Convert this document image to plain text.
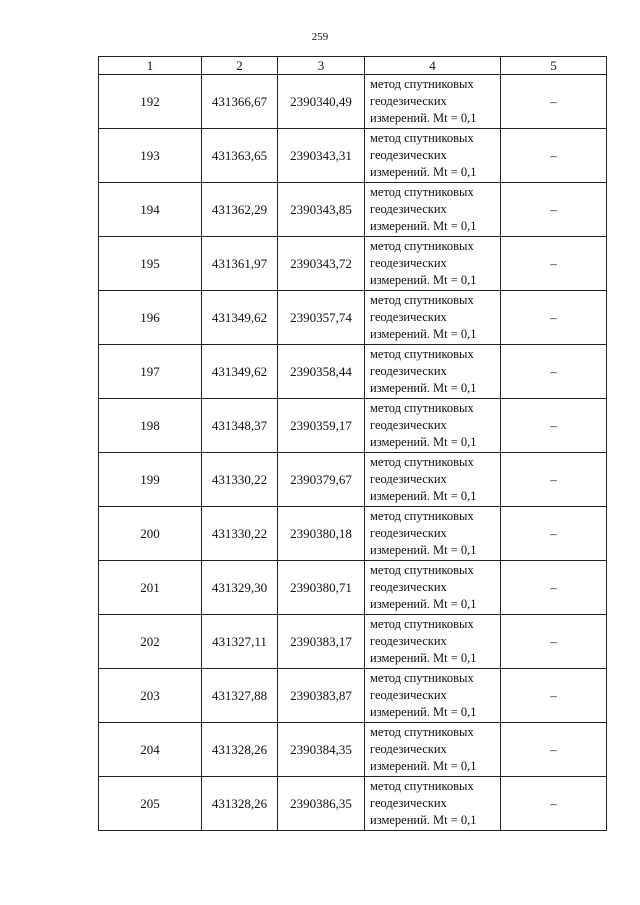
259
1	2	3	4	5
192	431366,67	2390340,49	метод спутниковых
геодезических
измерений. Mt = 0,1	–
193	431363,65	2390343,31	метод спутниковых
геодезических
измерений. Mt = 0,1	–
194	431362,29	2390343,85	метод спутниковых
геодезических
измерений. Mt = 0,1	–
195	431361,97	2390343,72	метод спутниковых
геодезических
измерений. Mt = 0,1	–
196	431349,62	2390357,74	метод спутниковых
геодезических
измерений. Mt = 0,1	–
197	431349,62	2390358,44	метод спутниковых
геодезических
измерений. Mt = 0,1	–
198	431348,37	2390359,17	метод спутниковых
геодезических
измерений. Mt = 0,1	–
199	431330,22	2390379,67	метод спутниковых
геодезических
измерений. Mt = 0,1	–
200	431330,22	2390380,18	метод спутниковых
геодезических
измерений. Mt = 0,1	–
201	431329,30	2390380,71	метод спутниковых
геодезических
измерений. Mt = 0,1	–
202	431327,11	2390383,17	метод спутниковых
геодезических
измерений. Mt = 0,1	–
203	431327,88	2390383,87	метод спутниковых
геодезических
измерений. Mt = 0,1	–
204	431328,26	2390384,35	метод спутниковых
геодезических
измерений. Mt = 0,1	–
205	431328,26	2390386,35	метод спутниковых
геодезических
измерений. Mt = 0,1	–
